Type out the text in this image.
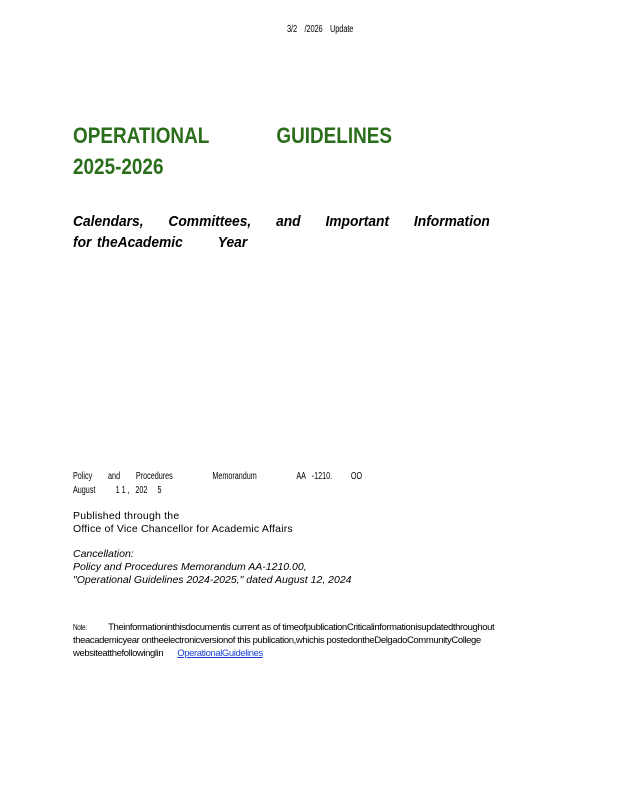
3/2 /2026 Update
OPERATIONAL	GUIDELINES
2025-2026
Calendars, Committees, and Important Information
for theAcademic Year
Policy and Procedures	Memorandum	AA -1210. OO
August 1 1 , 202 5
Published through the
Office of Vice Chancellor for Academic Affairs
Cancellation:
Policy and Procedures Memorandum AA-1210.00,
"Operational Guidelines 2024-2025," dated August 12, 2024
Note: Theinformationinthisdocumentis current as of timeofpublicationCriticalinformationisupdatedthroughout
theacademicyear ontheelectronicversionof this publication,whichis postedontheDelgadoCommunityCollege
websiteatthefollowinglin OperationalGuidelines
